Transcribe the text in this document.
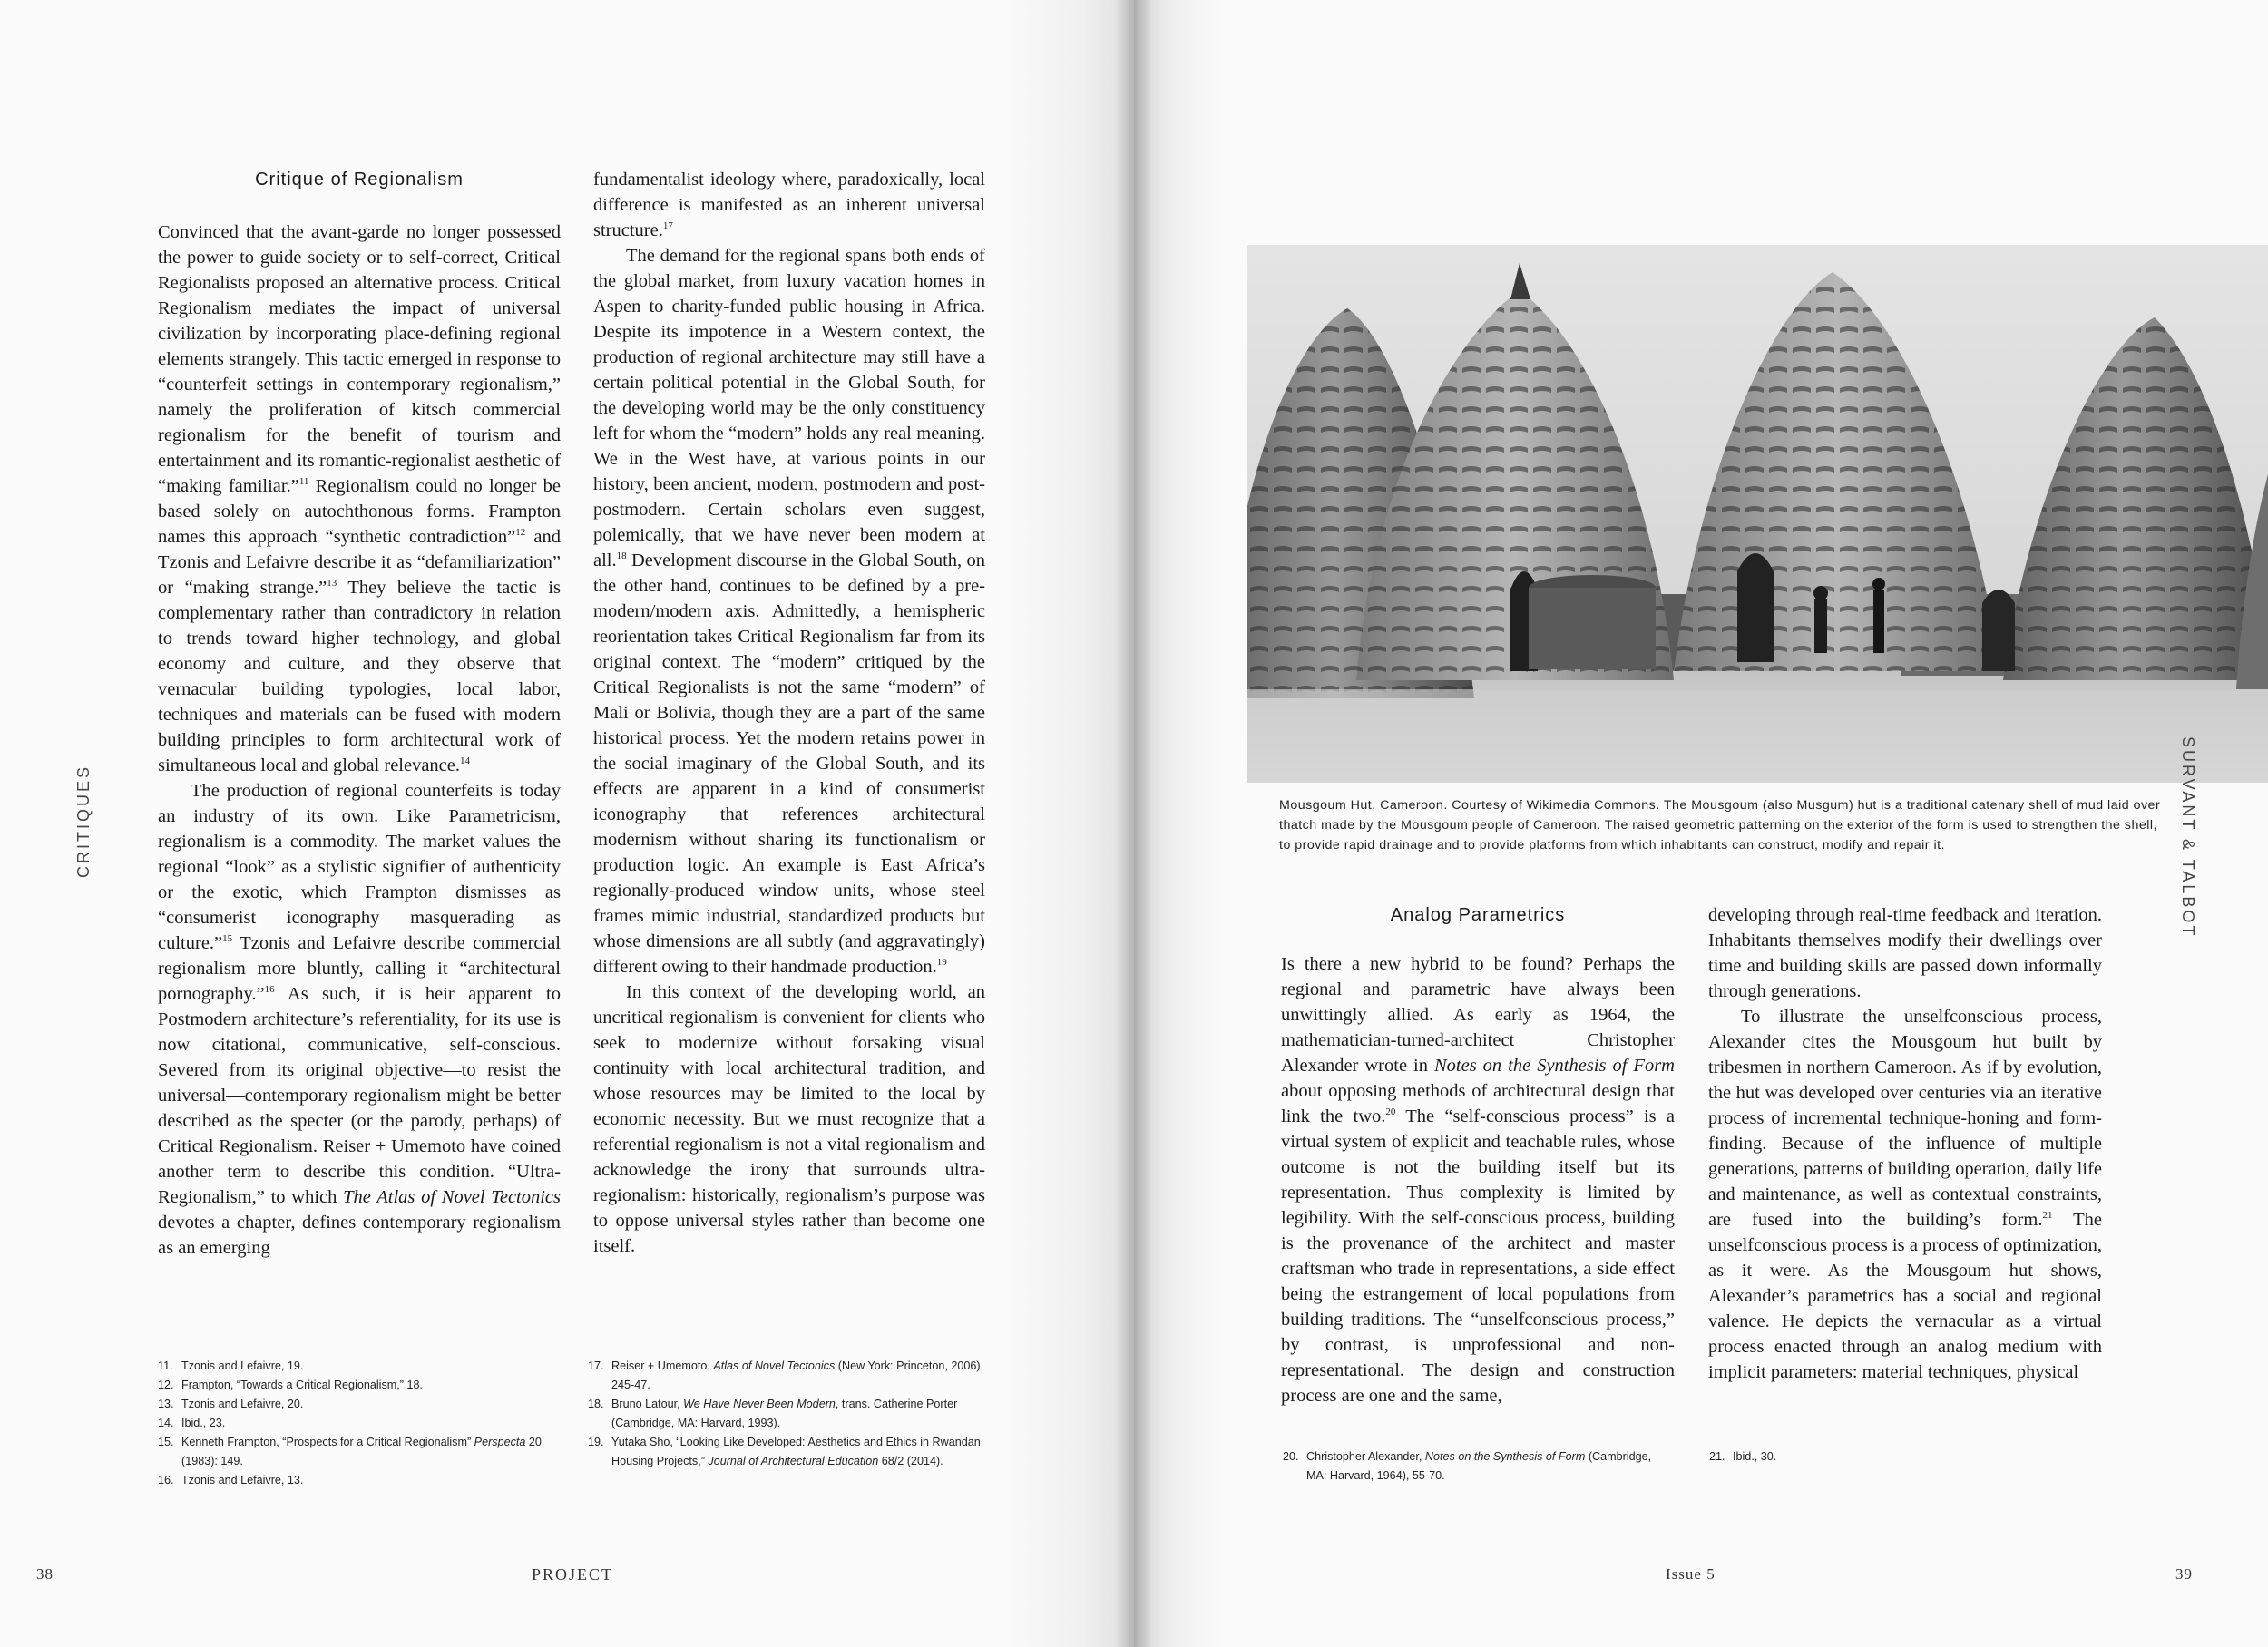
CRITIQUES
Critique of Regionalism

Convinced that the avant-garde no longer possessed the power to guide society or to self-correct, Critical Regionalists proposed an alternative process. Critical Regionalism mediates the impact of universal civilization by incorporating place-defining regional elements strangely. This tactic emerged in response to “counterfeit settings in contemporary regionalism,” namely the proliferation of kitsch commercial regionalism for the benefit of tourism and entertainment and its romantic-regionalist aesthetic of “making familiar.”$^{11}$ Regionalism could no longer be based solely on autochthonous forms. Frampton names this approach “synthetic contradiction”$^{12}$ and Tzonis and Lefaivre describe it as “defamiliarization” or “making strange.”$^{13}$ They believe the tactic is complementary rather than contradictory in relation to trends toward higher technology, and global economy and culture, and they observe that vernacular building typologies, local labor, techniques and materials can be fused with modern building principles to form architectural work of simultaneous local and global relevance.$^{14}$

The production of regional counterfeits is today an industry of its own. Like Parametricism, regionalism is a commodity. The market values the regional “look” as a stylistic signifier of authenticity or the exotic, which Frampton dismisses as “consumerist iconography masquerading as culture.”$^{15}$ Tzonis and Lefaivre describe commercial regionalism more bluntly, calling it “architectural pornography.”$^{16}$ As such, it is heir apparent to Postmodern architecture’s referentiality, for its use is now citational, communicative, self-conscious. Severed from its original objective—to resist the universal—contemporary regionalism might be better described as the specter (or the parody, perhaps) of Critical Regionalism. Reiser + Umemoto have coined another term to describe this condition. “Ultra-Regionalism,” to which The Atlas of Novel Tectonics devotes a chapter, defines contemporary regionalism as an emerging

fundamentalist ideology where, paradoxically, local difference is manifested as an inherent universal structure.$^{17}$

The demand for the regional spans both ends of the global market, from luxury vacation homes in Aspen to charity-funded public housing in Africa. Despite its impotence in a Western context, the production of regional architecture may still have a certain political potential in the Global South, for the developing world may be the only constituency left for whom the “modern” holds any real meaning. We in the West have, at various points in our history, been ancient, modern, postmodern and post-postmodern. Certain scholars even suggest, polemically, that we have never been modern at all.$^{18}$ Development discourse in the Global South, on the other hand, continues to be defined by a pre-modern/modern axis. Admittedly, a hemispheric reorientation takes Critical Regionalism far from its original context. The “modern” critiqued by the Critical Regionalists is not the same “modern” of Mali or Bolivia, though they are a part of the same historical process. Yet the modern retains power in the social imaginary of the Global South, and its effects are apparent in a kind of consumerist iconography that references architectural modernism without sharing its functionalism or production logic. An example is East Africa’s regionally-produced window units, whose steel frames mimic industrial, standardized products but whose dimensions are all subtly (and aggravatingly) different owing to their handmade production.$^{19}$

In this context of the developing world, an uncritical regionalism is convenient for clients who seek to modernize without forsaking visual continuity with local architectural tradition, and whose resources may be limited to the local by economic necessity. But we must recognize that a referential regionalism is not a vital regionalism and acknowledge the irony that surrounds ultra-regionalism: historically, regionalism’s purpose was to oppose universal styles rather than become one itself.

11. Tzonis and Lefaivre, 19.
12. Frampton, “Towards a Critical Regionalism,” 18.
13. Tzonis and Lefaivre, 20.
14. Ibid., 23.
15. Kenneth Frampton, “Prospects for a Critical Regionalism” Perspecta 20 (1983): 149.
16. Tzonis and Lefaivre, 13.
17. Reiser + Umemoto, Atlas of Novel Tectonics (New York: Princeton, 2006), 245-47.
18. Bruno Latour, We Have Never Been Modern, trans. Catherine Porter (Cambridge, MA: Harvard, 1993).
19. Yutaka Sho, “Looking Like Developed: Aesthetics and Ethics in Rwandan Housing Projects,” Journal of Architectural Education 68/2 (2014).
38	PROJECT
Mousgoum Hut, Cameroon. Courtesy of Wikimedia Commons. The Mousgoum (also Musgum) hut is a traditional catenary shell of mud laid over thatch made by the Mousgoum people of Cameroon. The raised geometric patterning on the exterior of the form is used to strengthen the shell, to provide rapid drainage and to provide platforms from which inhabitants can construct, modify and repair it.
Analog Parametrics

Is there a new hybrid to be found? Perhaps the regional and parametric have always been unwittingly allied. As early as 1964, the mathematician-turned-architect Christopher Alexander wrote in Notes on the Synthesis of Form about opposing methods of architectural design that link the two.$^{20}$ The “self-conscious process” is a virtual system of explicit and teachable rules, whose outcome is not the building itself but its representation. Thus complexity is limited by legibility. With the self-conscious process, building is the provenance of the architect and master craftsman who trade in representations, a side effect being the estrangement of local populations from building traditions. The “unselfconscious process,” by contrast, is unprofessional and non-representational. The design and construction process are one and the same,

developing through real-time feedback and iteration. Inhabitants themselves modify their dwellings over time and building skills are passed down informally through generations.

To illustrate the unselfconscious process, Alexander cites the Mousgoum hut built by tribesmen in northern Cameroon. As if by evolution, the hut was developed over centuries via an iterative process of incremental technique-honing and form-finding. Because of the influence of multiple generations, patterns of building operation, daily life and maintenance, as well as contextual constraints, are fused into the building’s form.$^{21}$ The unselfconscious process is a process of optimization, as it were. As the Mousgoum hut shows, Alexander’s parametrics has a social and regional valence. He depicts the vernacular as a virtual process enacted through an analog medium with implicit parameters: material techniques, physical

20. Christopher Alexander, Notes on the Synthesis of Form (Cambridge, MA: Harvard, 1964), 55-70.
21. Ibid., 30.
SURVANT & TALBOT
Issue 5	39
